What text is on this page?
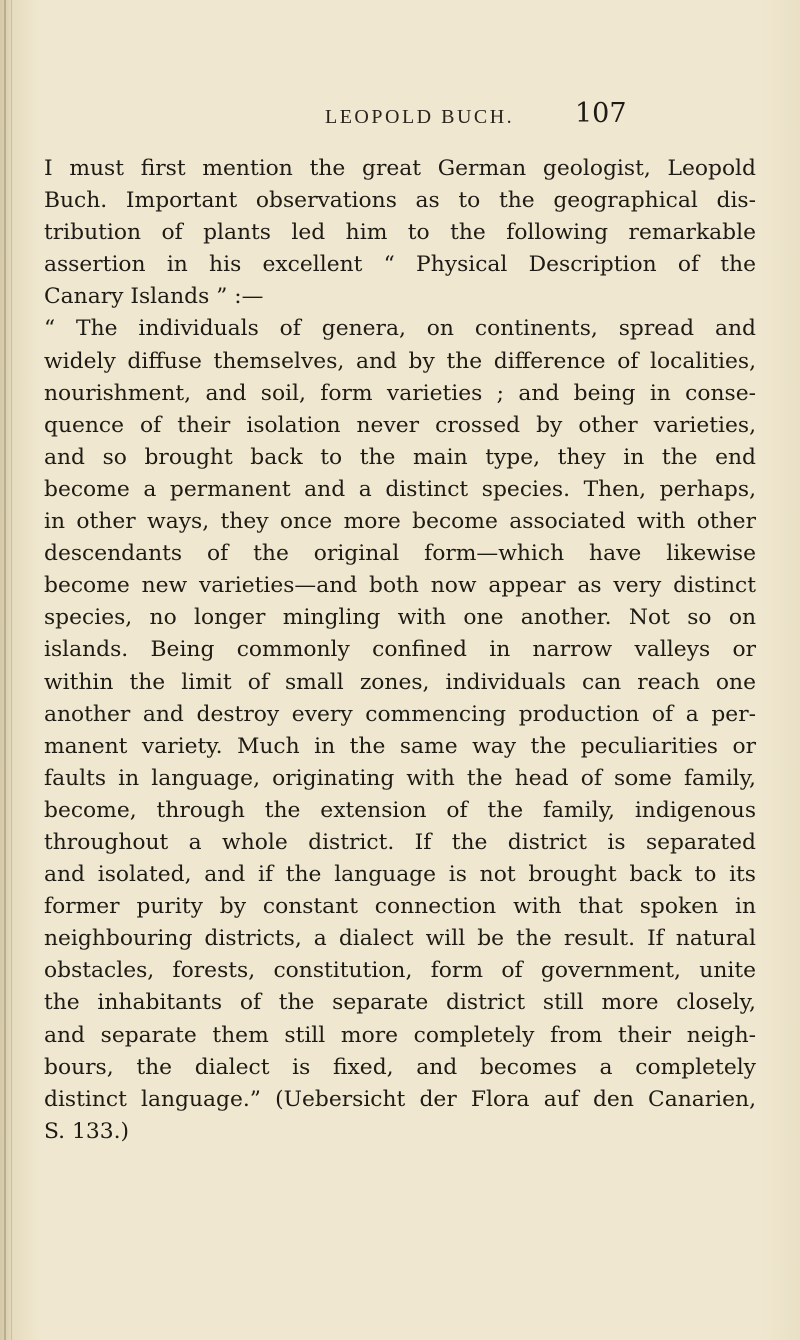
LEOPOLD BUCH. 107
I must first mention the great German geologist, Leopold
Buch. Important observations as to the geographical dis-
tribution of plants led him to the following remarkable
assertion in his excellent “ Physical Description of the
Canary Islands ” :—
“ The individuals of genera, on continents, spread and
widely diffuse themselves, and by the difference of localities,
nourishment, and soil, form varieties ; and being in conse-
quence of their isolation never crossed by other varieties,
and so brought back to the main type, they in the end
become a permanent and a distinct species. Then, perhaps,
in other ways, they once more become associated with other
descendants of the original form—which have likewise
become new varieties—and both now appear as very distinct
species, no longer mingling with one another. Not so on
islands. Being commonly confined in narrow valleys or
within the limit of small zones, individuals can reach one
another and destroy every commencing production of a per-
manent variety. Much in the same way the peculiarities or
faults in language, originating with the head of some family,
become, through the extension of the family, indigenous
throughout a whole district. If the district is separated
and isolated, and if the language is not brought back to its
former purity by constant connection with that spoken in
neighbouring districts, a dialect will be the result. If natural
obstacles, forests, constitution, form of government, unite
the inhabitants of the separate district still more closely,
and separate them still more completely from their neigh-
bours, the dialect is fixed, and becomes a completely
distinct language.” (Uebersicht der Flora auf den Canarien,
S. 133.)
